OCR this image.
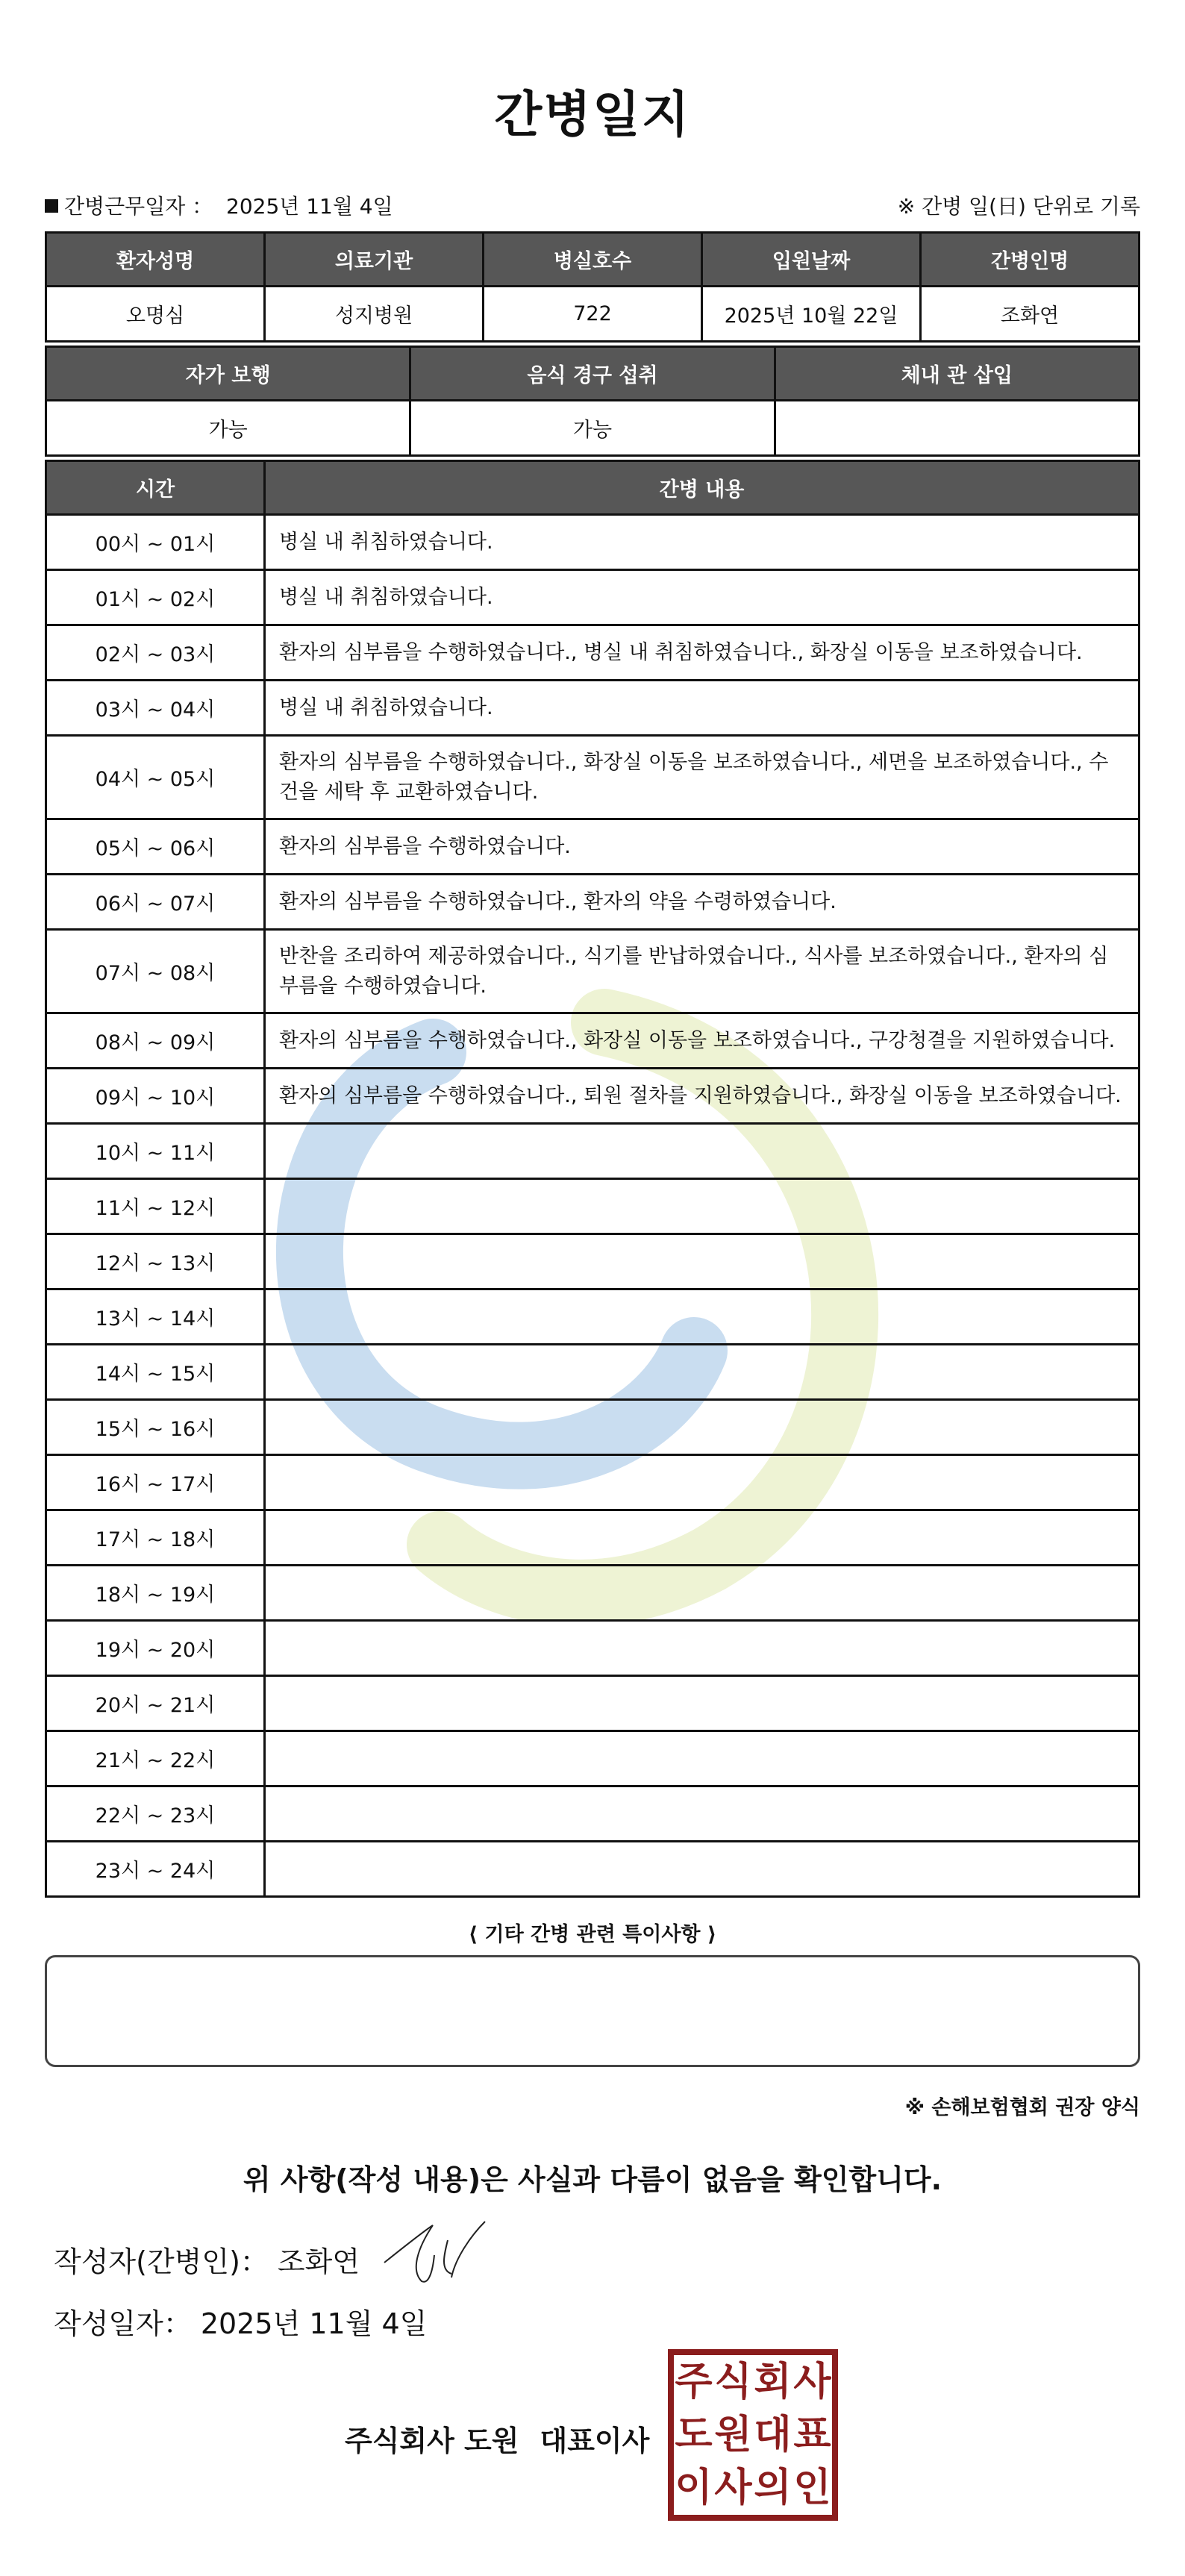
간병일지
간병근무일자 ： 2025년 11월 4일	※ 간병 일(日) 단위로 기록
환자성명	의료기관	병실호수	입원날짜	간병인명
오명심	성지병원	722	2025년 10월 22일	조화연
자가 보행	음식 경구 섭취	체내 관 삽입
가능	가능	
시간	간병 내용
00시 ~ 01시	병실 내 취침하였습니다.
01시 ~ 02시	병실 내 취침하였습니다.
02시 ~ 03시	환자의 심부름을 수행하였습니다., 병실 내 취침하였습니다., 화장실 이동을 보조하였습니다.
03시 ~ 04시	병실 내 취침하였습니다.
04시 ~ 05시	환자의 심부름을 수행하였습니다., 화장실 이동을 보조하였습니다., 세면을 보조하였습니다., 수건을 세탁 후 교환하였습니다.
05시 ~ 06시	환자의 심부름을 수행하였습니다.
06시 ~ 07시	환자의 심부름을 수행하였습니다., 환자의 약을 수령하였습니다.
07시 ~ 08시	반찬을 조리하여 제공하였습니다., 식기를 반납하였습니다., 식사를 보조하였습니다., 환자의 심부름을 수행하였습니다.
08시 ~ 09시	환자의 심부름을 수행하였습니다., 화장실 이동을 보조하였습니다., 구강청결을 지원하였습니다.
09시 ~ 10시	환자의 심부름을 수행하였습니다., 퇴원 절차를 지원하였습니다., 화장실 이동을 보조하였습니다.
10시 ~ 11시	
11시 ~ 12시	
12시 ~ 13시	
13시 ~ 14시	
14시 ~ 15시	
15시 ~ 16시	
16시 ~ 17시	
17시 ~ 18시	
18시 ~ 19시	
19시 ~ 20시	
20시 ~ 21시	
21시 ~ 22시	
22시 ~ 23시	
23시 ~ 24시	
⟨ 기타 간병 관련 특이사항 ⟩
※ 손해보험협회 권장 양식
위 사항(작성 내용)은 사실과 다름이 없음을 확인합니다.
작성자(간병인)： 조화연
작성일자： 2025년 11월 4일
주식회사 도원 대표이사
주 식 회 사
도 원 대 표
이 사 의 인
